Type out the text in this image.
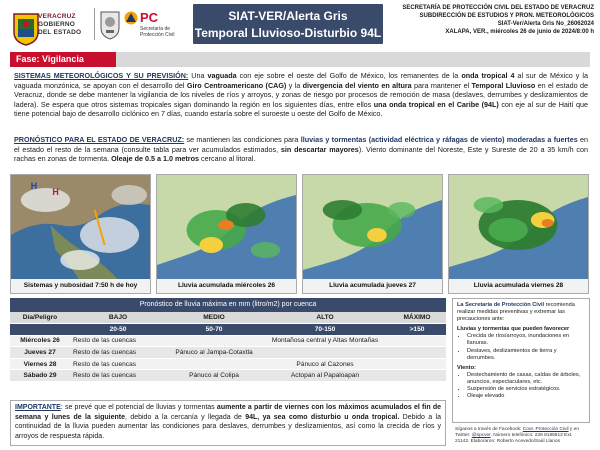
VERACRUZ
GOBIERNO
DEL ESTADO
PC
Secretaría de Protección Civil
SIAT-VER/Alerta Gris
Temporal Lluvioso-Disturbio 94L
SECRETARÍA DE PROTECCIÓN CIVIL DEL ESTADO DE VERACRUZ
SUBDIRECCIÓN DE ESTUDIOS Y PRON. METEOROLÓGICOS
SIAT-Ver/Alerta Gris No_26062024
XALAPA, VER., miércoles 26 de junio de 2024/8:00 h
Fase: Vigilancia
SISTEMAS METEOROLÓGICOS Y SU PREVISIÓN: Una vaguada con eje sobre el oeste del Golfo de México, los remanentes de la onda tropical 4 al sur de México y la vaguada monzónica, se apoyan con el desarrollo del Giro Centroamericano (CAG) y la divergencia del viento en altura para mantener el Temporal Lluvioso en el estado de Veracruz, donde se debe mantener la vigilancia de los niveles de ríos y arroyos, y zonas de riesgo por procesos de remoción de masa (deslaves, derrumbes y deslizamientos de ladera). Se espera que otros sistemas tropicales sigan dominando la región en los siguientes días, entre ellos una onda tropical en el Caribe (94L) con eje al sur de Haití que tiene potencial bajo de desarrollo ciclónico en 7 días, cuando estaría sobre el suroeste u oeste del Golfo de México.
PRONÓSTICO PARA EL ESTADO DE VERACRUZ: se mantienen las condiciones para lluvias y tormentas (actividad eléctrica y ráfagas de viento) moderadas a fuertes en el estado el resto de la semana (consulte tabla para ver acumulados estimados, sin descartar mayores). Viento dominante del Noreste, Este y Sureste de 20 a 35 km/h con rachas en zonas de tormenta. Oleaje de 0.5 a 1.0 metros cercano al litoral.
H
H
Sistemas y nubosidad 7:50 h de hoy	Lluvia acumulada miércoles 26	Lluvia acumulada jueves 27	Lluvia acumulada viernes 28
Pronóstico de lluvia máxima en mm (litro/m2) por cuenca
Día/Peligro	BAJO	MEDIO	ALTO	MÁXIMO
	20-50	50-70	70-150	>150
Miércoles 26	Resto de las cuencas		Montañosa central y Altas Montañas	
Jueves 27	Resto de las cuencas	Pánuco al Jampa-Cotaxtla		
Viernes 28	Resto de las cuencas		Pánuco al Cazones	
Sábado 29	Resto de las cuencas	Pánuco al Colipa	Actopan al Papaloapan	
La Secretaría de Protección Civil recomienda realizar medidas preventivas y extremar las precauciones ante:
Lluvias y tormentas que pueden favorecer
• Crecida de ríos/arroyos, inundaciones en llanuras.
• Deslaves, deslizamientos de tierra y derrumbes.
Viento:
• Destechamiento de casas, caídas de árboles, anuncios, espectaculares, etc.
• Suspensión de servicios estratégicos.
• Oleaje elevado
IMPORTANTE: se prevé que el potencial de lluvias y tormentas aumente a partir de viernes con los máximos acumulados el fin de semana y lunes de la siguiente, debido a la cercanía y llegada de 94L, ya sea como disturbio u onda tropical. Debido a la continuidad de la lluvia pueden aumentar las condiciones para deslaves, derrumbes y deslizamientos, así como la crecida de ríos y arroyos de respuesta rápida.
Síganos a través de Facebook: Coor. Protección Civil y en Twitter: @spcver. Número telefónico: 228 8186812 Ext. 21142. Elaboraron: Roberto Acevedo/Saúl Llanos
